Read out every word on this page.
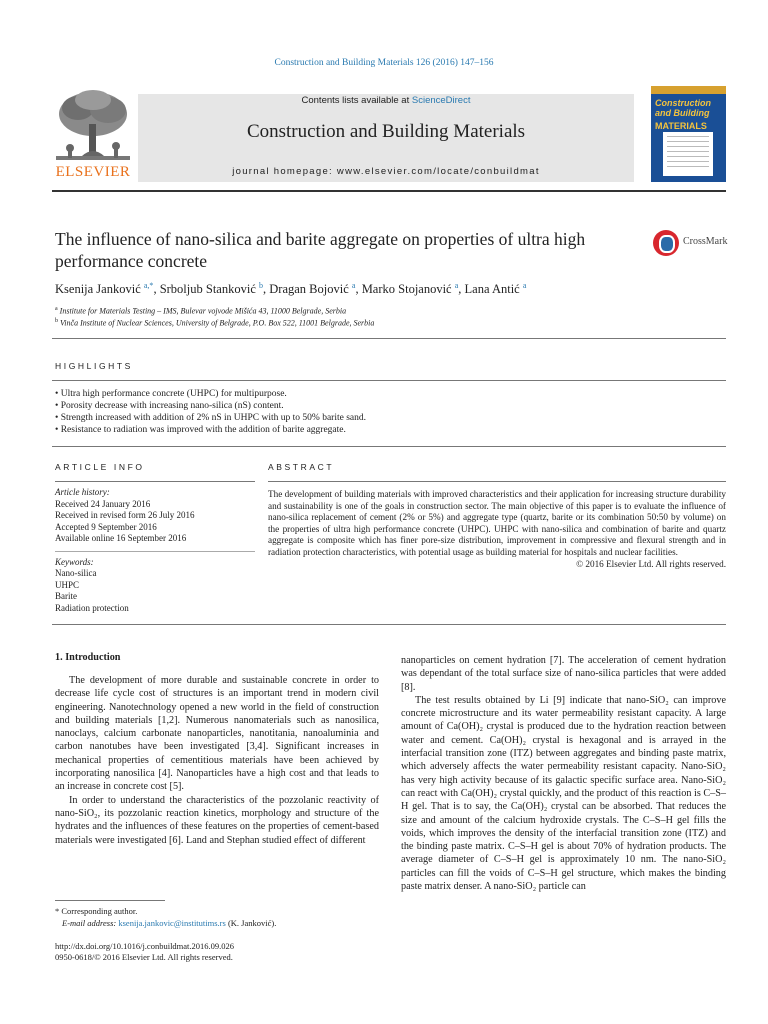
Construction and Building Materials 126 (2016) 147–156
ELSEVIER
Contents lists available at ScienceDirect
Construction and Building Materials
journal homepage: www.elsevier.com/locate/conbuildmat
Construction and Building
MATERIALS
The influence of nano-silica and barite aggregate on properties of ultra high performance concrete
CrossMark
Ksenija Janković $^{a,*}$, Srboljub Stanković $^b$, Dragan Bojović $^a$, Marko Stojanović $^a$, Lana Antić $^a$
$^a$ Institute for Materials Testing – IMS, Bulevar vojvode Mišića 43, 11000 Belgrade, Serbia
$^b$ Vinča Institute of Nuclear Sciences, University of Belgrade, P.O. Box 522, 11001 Belgrade, Serbia
HIGHLIGHTS
• Ultra high performance concrete (UHPC) for multipurpose.
• Porosity decrease with increasing nano-silica (nS) content.
• Strength increased with addition of 2% nS in UHPC with up to 50% barite sand.
• Resistance to radiation was improved with the addition of barite aggregate.
ARTICLE INFO
Article history:
Received 24 January 2016
Received in revised form 26 July 2016
Accepted 9 September 2016
Available online 16 September 2016
Keywords:
Nano-silica
UHPC
Barite
Radiation protection
ABSTRACT
The development of building materials with improved characteristics and their application for increasing structure durability and sustainability is one of the goals in construction sector. The main objective of this paper is to evaluate the influence of nano-silica replacement of cement (2% or 5%) and aggregate type (quartz, barite or its combination 50:50 by volume) on the properties of ultra high performance concrete (UHPC). UHPC with nano-silica and combination of barite and quartz aggregate is composite which has finer pore-size distribution, improvement in compressive and flexural strength and in radiation protection characteristics, with potential usage as building material for hospitals and nuclear facilities.
© 2016 Elsevier Ltd. All rights reserved.
1. Introduction

The development of more durable and sustainable concrete in order to decrease life cycle cost of structures is an important trend in modern civil engineering. Nanotechnology opened a new world in the field of construction and building materials [1,2]. Numerous nanomaterials such as nanosilica, nanoclays, calcium carbonate nanoparticles, nanotitania, nanoaluminia and carbon nanotubes have been investigated [3,4]. Significant increases in mechanical properties of cementitious materials have been achieved by incorporating nanosilica [4]. Nanoparticles have a high cost and that leads to an increase in concrete cost [5].

In order to understand the characteristics of the pozzolanic reactivity of nano-SiO₂, its pozzolanic reaction kinetics, morphology and structure of the hydrates and the influences of these features on the properties of cement-based materials were investigated [6]. Land and Stephan studied effect of different

nanoparticles on cement hydration [7]. The acceleration of cement hydration was dependant of the total surface size of nano-silica particles that were added [8].

The test results obtained by Li [9] indicate that nano-SiO₂ can improve concrete microstructure and its water permeability resistant capacity. A large amount of Ca(OH)₂ crystal is produced due to the hydration reaction between water and cement. Ca(OH)₂ crystal is hexagonal and is arrayed in the interfacial transition zone (ITZ) between aggregates and binding paste matrix, which adversely affects the water permeability resistant capacity. Nano-SiO₂ has very high activity because of its galactic specific surface area. Nano-SiO₂ can react with Ca(OH)₂ crystal quickly, and the product of this reaction is C–S–H gel. That is to say, the Ca(OH)₂ crystal can be absorbed. That reduces the size and amount of the calcium hydroxide crystals. The C–S–H gel fills the voids, which improves the density of the interfacial transition zone (ITZ) and the binding paste matrix. C–S–H gel is about 70% of hydration products. The average diameter of C–S–H gel is approximately 10 nm. The nano-SiO₂ particles can fill the voids of C–S–H gel structure, which makes the binding paste matrix denser. A nano-SiO₂ particle can

* Corresponding author.
E-mail address: ksenija.jankovic@institutims.rs (K. Janković).
http://dx.doi.org/10.1016/j.conbuildmat.2016.09.026
0950-0618/© 2016 Elsevier Ltd. All rights reserved.
